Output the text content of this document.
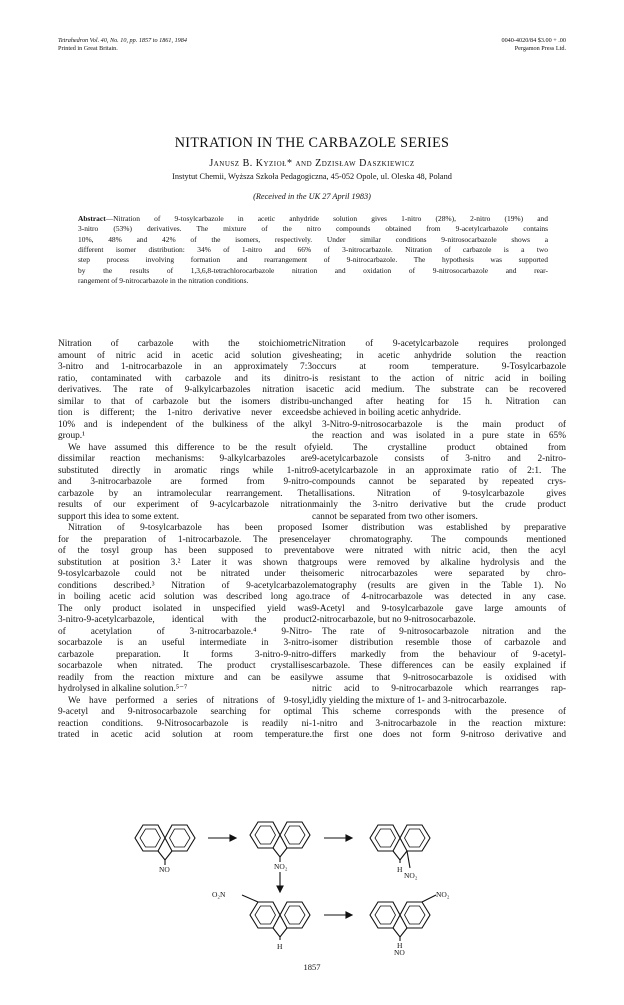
Tetrahedron Vol. 40, No. 10, pp. 1857 to 1861, 1984
Printed in Great Britain.
0040-4020/84 $3.00 + .00
Pergamon Press Ltd.
NITRATION IN THE CARBAZOLE SERIES
Janusz B. Kyzioł* and Zdzisław Daszkiewicz
Instytut Chemii, Wyższa Szkoła Pedagogiczna, 45-052 Opole, ul. Oleska 48, Poland
(Received in the UK 27 April 1983)
Abstract—Nitration of 9-tosylcarbazole in acetic anhydride solution gives 1-nitro (28%), 2-nitro (19%) and
3-nitro (53%) derivatives. The mixture of the nitro compounds obtained from 9-acetylcarbazole contains
10%, 48% and 42% of the isomers, respectively. Under similar conditions 9-nitrosocarbazole shows a
different isomer distribution: 34% of 1-nitro and 66% of 3-nitrocarbazole. Nitration of carbazole is a two
step process involving formation and rearrangement of 9-nitrocarbazole. The hypothesis was supported
by the results of 1,3,6,8-tetrachlorocarbazole nitration and oxidation of 9-nitrosocarbazole and rear-
rangement of 9-nitrocarbazole in the nitration conditions.
Nitration of carbazole with the stoichiometric
amount of nitric acid in acetic acid solution gives
3-nitro and 1-nitrocarbazole in an approximately 7:3
ratio, contaminated with carbazole and its dinitro-
derivatives. The rate of 9-alkylcarbazoles nitration is
similar to that of carbazole but the isomers distribu-
tion is different; the 1-nitro derivative never exceeds
10% and is independent of the bulkiness of the alkyl
group.¹
We have assumed this difference to be the result of
dissimilar reaction mechanisms: 9-alkylcarbazoles are
substituted directly in aromatic rings while 1-nitro
and 3-nitrocarbazole are formed from 9-nitro-
carbazole by an intramolecular rearrangement. The
results of our experiment of 9-acylcarbazole nitration
support this idea to some extent.
Nitration of 9-tosylcarbazole has been proposed
for the preparation of 1-nitrocarbazole. The presence
of the tosyl group has been supposed to prevent
substitution at position 3.² Later it was shown that
9-tosylcarbazole could not be nitrated under the
conditions described.³ Nitration of 9-acetylcarbazole
in boiling acetic acid solution was described long ago.
The only product isolated in unspecified yield was
3-nitro-9-acetylcarbazole, identical with the product
of acetylation of 3-nitrocarbazole.⁴ 9-Nitro-
socarbazole is an useful intermediate in 3-nitro-
carbazole preparation. It forms 3-nitro-9-nitro-
socarbazole when nitrated. The product crystallises
readily from the reaction mixture and can be easily
hydrolysed in alkaline solution.⁵⁻⁷
We have performed a series of nitrations of 9-tosyl,
9-acetyl and 9-nitrosocarbazole searching for optimal
reaction conditions. 9-Nitrosocarbazole is readily ni-
trated in acetic acid solution at room temperature.
Nitration of 9-acetylcarbazole requires prolonged
heating; in acetic anhydride solution the reaction
occurs at room temperature. 9-Tosylcarbazole
is resistant to the action of nitric acid in boiling
acetic acid medium. The substrate can be recovered
unchanged after heating for 15 h. Nitration can
be achieved in boiling acetic anhydride.
3-Nitro-9-nitrosocarbazole is the main product of
the reaction and was isolated in a pure state in 65%
yield. The crystalline product obtained from
9-acetylcarbazole consists of 3-nitro and 2-nitro-
9-acetylcarbazole in an approximate ratio of 2:1. The
compounds cannot be separated by repeated crys-
tallisations. Nitration of 9-tosylcarbazole gives
mainly the 3-nitro derivative but the crude product
cannot be separated from two other isomers.
Isomer distribution was established by preparative
layer chromatography. The compounds mentioned
above were nitrated with nitric acid, then the acyl
groups were removed by alkaline hydrolysis and the
isomeric nitrocarbazoles were separated by chro-
matography (results are given in the Table 1). No
trace of 4-nitrocarbazole was detected in any case.
9-Acetyl and 9-tosylcarbazole gave large amounts of
2-nitrocarbazole, but no 9-nitrosocarbazole.
The rate of 9-nitrosocarbazole nitration and the
isomer distribution resemble those of carbazole and
differs markedly from the behaviour of 9-acetyl-
carbazole. These differences can be easily explained if
we assume that 9-nitrosocarbazole is oxidised with
nitric acid to 9-nitrocarbazole which rearranges rap-
idly yielding the mixture of 1- and 3-nitrocarbazole.
This scheme corresponds with the presence of
1-nitro and 3-nitrocarbazole in the reaction mixture:
the first one does not form 9-nitroso derivative and
NO	NO₂	H
NO₂
O₂N
H
NO₂
H
NO
1857
